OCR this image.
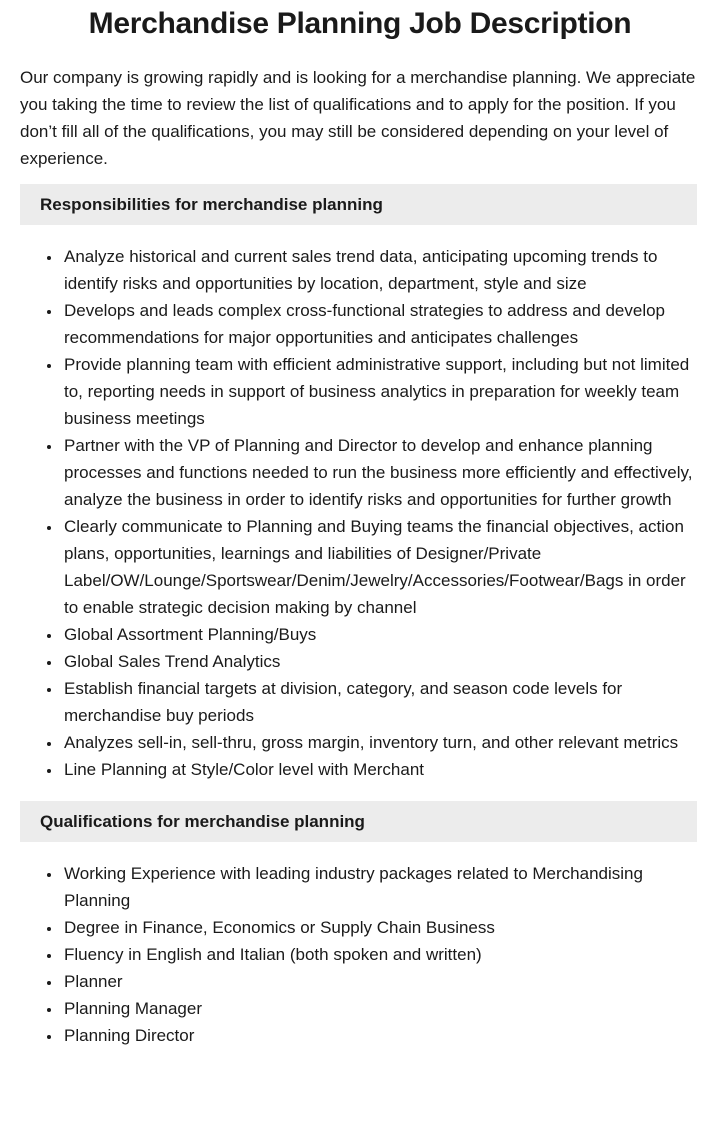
Merchandise Planning Job Description

Our company is growing rapidly and is looking for a merchandise planning. We appreciate you taking the time to review the list of qualifications and to apply for the position. If you don’t fill all of the qualifications, you may still be considered depending on your level of experience.

Responsibilities for merchandise planning
• Analyze historical and current sales trend data, anticipating upcoming trends to identify risks and opportunities by location, department, style and size
• Develops and leads complex cross-functional strategies to address and develop recommendations for major opportunities and anticipates challenges
• Provide planning team with efficient administrative support, including but not limited to, reporting needs in support of business analytics in preparation for weekly team business meetings
• Partner with the VP of Planning and Director to develop and enhance planning processes and functions needed to run the business more efficiently and effectively, analyze the business in order to identify risks and opportunities for further growth
• Clearly communicate to Planning and Buying teams the financial objectives, action plans, opportunities, learnings and liabilities of Designer/Private Label/OW/Lounge/Sportswear/Denim/Jewelry/Accessories/Footwear/Bags in order to enable strategic decision making by channel
• Global Assortment Planning/Buys
• Global Sales Trend Analytics
• Establish financial targets at division, category, and season code levels for merchandise buy periods
• Analyzes sell-in, sell-thru, gross margin, inventory turn, and other relevant metrics
• Line Planning at Style/Color level with Merchant
Qualifications for merchandise planning
• Working Experience with leading industry packages related to Merchandising Planning
• Degree in Finance, Economics or Supply Chain Business
• Fluency in English and Italian (both spoken and written)
• Planner
• Planning Manager
• Planning Director
